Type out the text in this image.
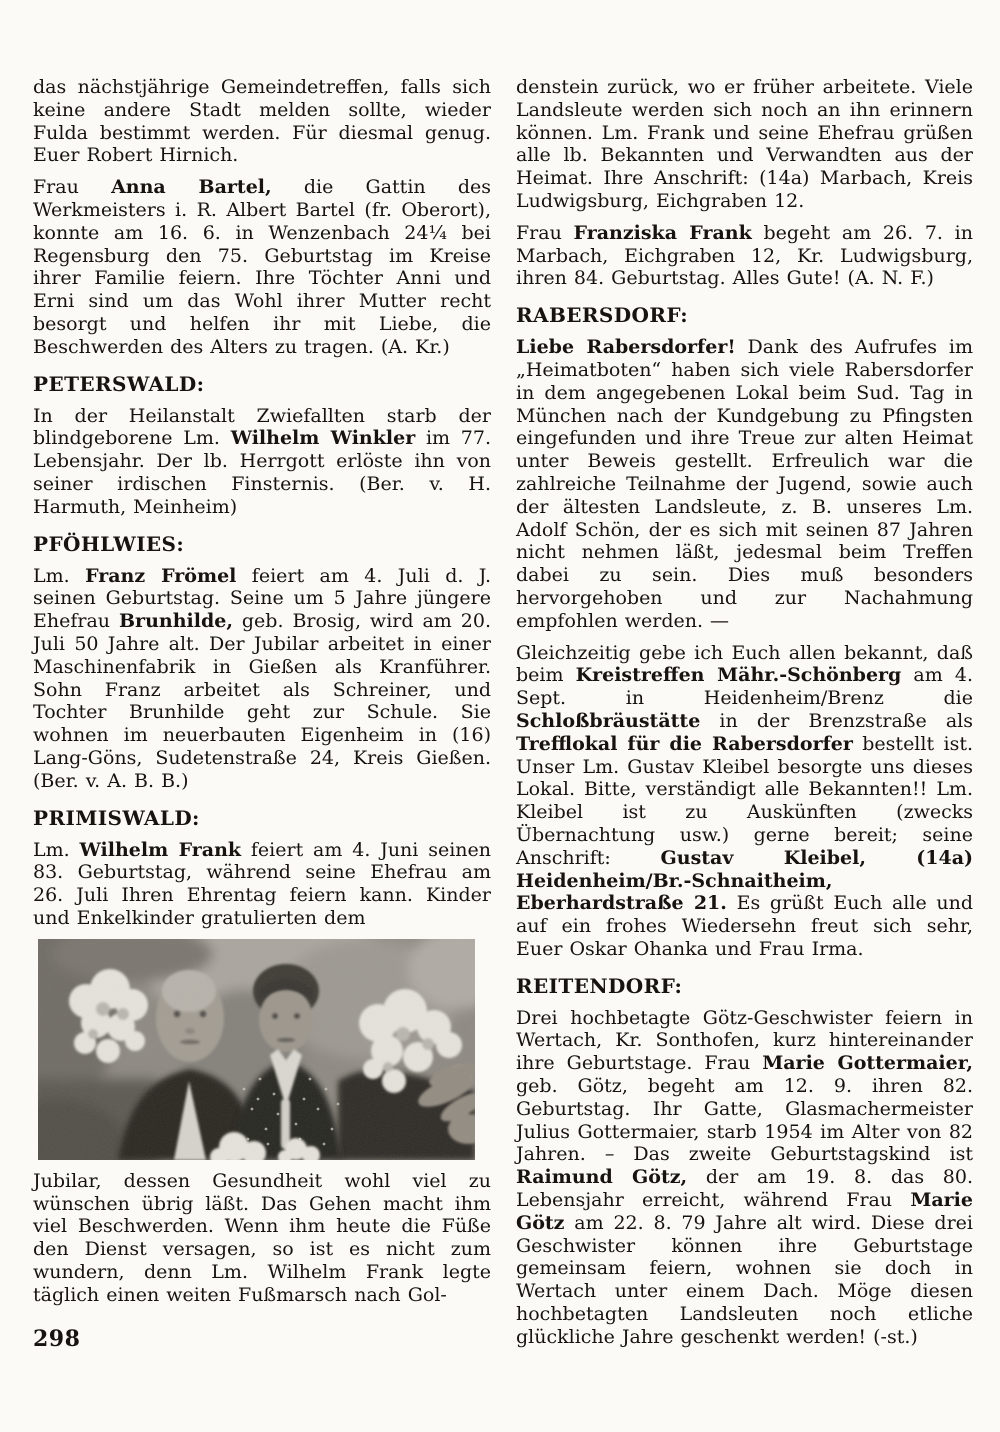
das nächstjährige Gemeindetreffen, falls sich keine andere Stadt melden sollte, wieder Fulda bestimmt werden. Für diesmal genug. Euer Robert Hirnich.

Frau Anna Bartel, die Gattin des Werkmeisters i. R. Albert Bartel (fr. Oberort), konnte am 16. 6. in Wenzenbach 24¼ bei Regensburg den 75. Geburtstag im Kreise ihrer Familie feiern. Ihre Töchter Anni und Erni sind um das Wohl ihrer Mutter recht besorgt und helfen ihr mit Liebe, die Beschwerden des Alters zu tragen. (A. Kr.)

PETERSWALD:

In der Heilanstalt Zwiefallten starb der blindgeborene Lm. Wilhelm Winkler im 77. Lebensjahr. Der lb. Herrgott erlöste ihn von seiner irdischen Finsternis. (Ber. v. H. Harmuth, Meinheim)

PFÖHLWIES:

Lm. Franz Frömel feiert am 4. Juli d. J. seinen Geburtstag. Seine um 5 Jahre jüngere Ehefrau Brunhilde, geb. Brosig, wird am 20. Juli 50 Jahre alt. Der Jubilar arbeitet in einer Maschinenfabrik in Gießen als Kranführer. Sohn Franz arbeitet als Schreiner, und Tochter Brunhilde geht zur Schule. Sie wohnen im neuerbauten Eigenheim in (16) Lang-Göns, Sudetenstraße 24, Kreis Gießen. (Ber. v. A. B. B.)

PRIMISWALD:

Lm. Wilhelm Frank feiert am 4. Juni seinen 83. Geburtstag, während seine Ehefrau am 26. Juli Ihren Ehrentag feiern kann. Kinder und Enkelkinder gratulierten dem

Jubilar, dessen Gesundheit wohl viel zu wünschen übrig läßt. Das Gehen macht ihm viel Beschwerden. Wenn ihm heute die Füße den Dienst versagen, so ist es nicht zum wundern, denn Lm. Wilhelm Frank legte täglich einen weiten Fußmarsch nach Gol-

denstein zurück, wo er früher arbeitete. Viele Landsleute werden sich noch an ihn erinnern können. Lm. Frank und seine Ehefrau grüßen alle lb. Bekannten und Verwandten aus der Heimat. Ihre Anschrift: (14a) Marbach, Kreis Ludwigsburg, Eichgraben 12.

Frau Franziska Frank begeht am 26. 7. in Marbach, Eichgraben 12, Kr. Ludwigsburg, ihren 84. Geburtstag. Alles Gute! (A. N. F.)

RABERSDORF:

Liebe Rabersdorfer! Dank des Aufrufes im „Heimatboten“ haben sich viele Rabersdorfer in dem angegebenen Lokal beim Sud. Tag in München nach der Kundgebung zu Pfingsten eingefunden und ihre Treue zur alten Heimat unter Beweis gestellt. Erfreulich war die zahlreiche Teilnahme der Jugend, sowie auch der ältesten Landsleute, z. B. unseres Lm. Adolf Schön, der es sich mit seinen 87 Jahren nicht nehmen läßt, jedesmal beim Treffen dabei zu sein. Dies muß besonders hervorgehoben und zur Nachahmung empfohlen werden. —

Gleichzeitig gebe ich Euch allen bekannt, daß beim Kreistreffen Mähr.-Schönberg am 4. Sept. in Heidenheim/Brenz die Schloßbräustätte in der Brenzstraße als Trefflokal für die Rabersdorfer bestellt ist. Unser Lm. Gustav Kleibel besorgte uns dieses Lokal. Bitte, verständigt alle Bekannten!! Lm. Kleibel ist zu Auskünften (zwecks Übernachtung usw.) gerne bereit; seine Anschrift: Gustav Kleibel, (14a) Heidenheim/Br.-Schnaitheim, Eberhardstraße 21. Es grüßt Euch alle und auf ein frohes Wiedersehn freut sich sehr, Euer Oskar Ohanka und Frau Irma.

REITENDORF:

Drei hochbetagte Götz-Geschwister feiern in Wertach, Kr. Sonthofen, kurz hintereinander ihre Geburtstage. Frau Marie Gottermaier, geb. Götz, begeht am 12. 9. ihren 82. Geburtstag. Ihr Gatte, Glasmachermeister Julius Gottermaier, starb 1954 im Alter von 82 Jahren. – Das zweite Geburtstagskind ist Raimund Götz, der am 19. 8. das 80. Lebensjahr erreicht, während Frau Marie Götz am 22. 8. 79 Jahre alt wird. Diese drei Geschwister können ihre Geburtstage gemeinsam feiern, wohnen sie doch in Wertach unter einem Dach. Möge diesen hochbetagten Landsleuten noch etliche glückliche Jahre geschenkt werden! (-st.)

298
